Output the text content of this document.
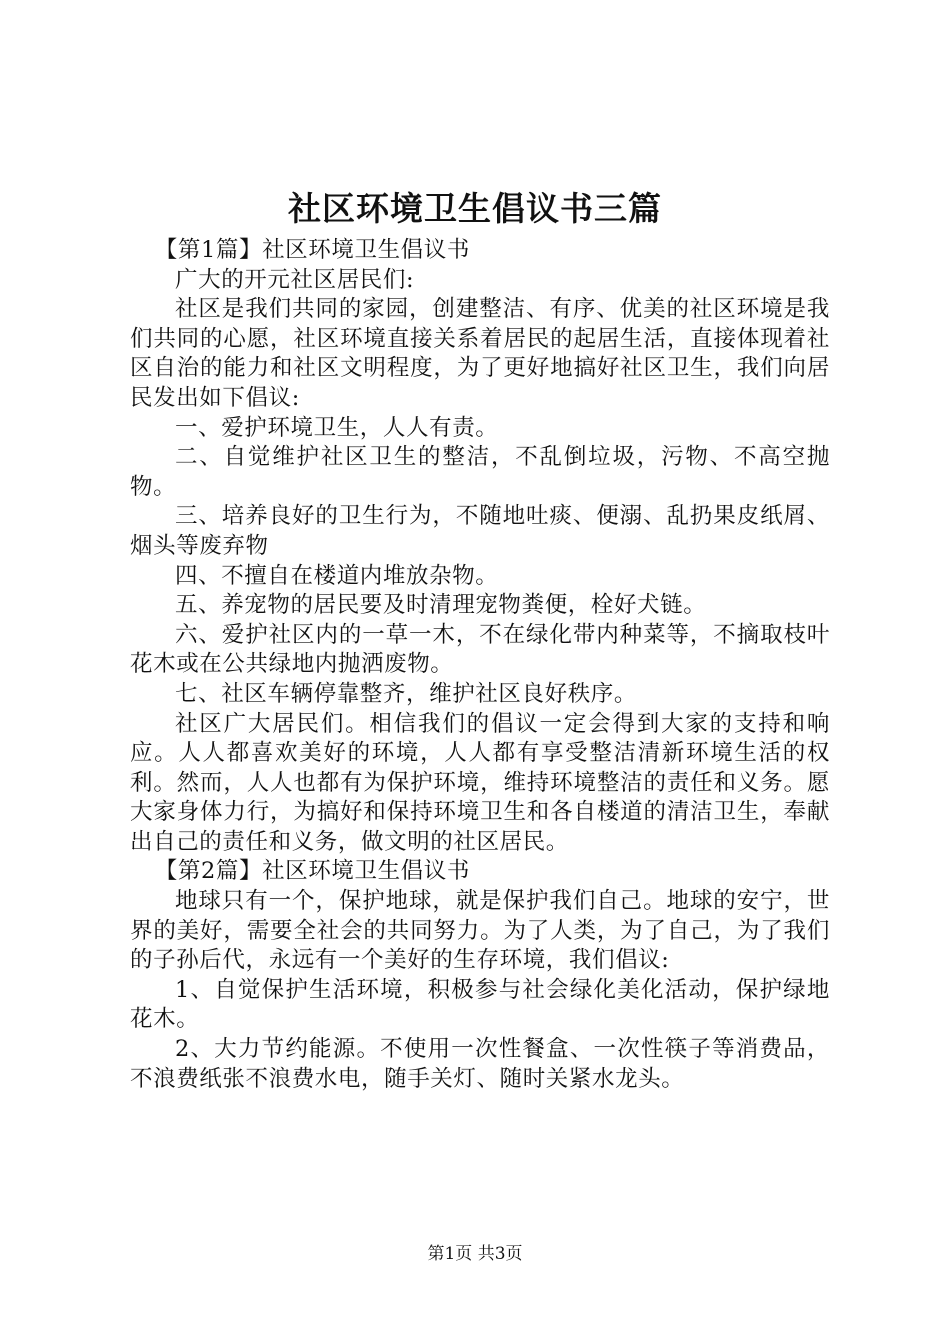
社区环境卫生倡议书三篇

【第1篇】社区环境卫生倡议书

广大的开元社区居民们:

社区是我们共同的家园，创建整洁、有序、优美的社区环境是我们共同的心愿，社区环境直接关系着居民的起居生活，直接体现着社区自治的能力和社区文明程度，为了更好地搞好社区卫生，我们向居民发出如下倡议:

一、爱护环境卫生，人人有责。

二、自觉维护社区卫生的整洁，不乱倒垃圾，污物、不高空抛物。

三、培养良好的卫生行为，不随地吐痰、便溺、乱扔果皮纸屑、烟头等废弃物

四、不擅自在楼道内堆放杂物。

五、养宠物的居民要及时清理宠物粪便，栓好犬链。

六、爱护社区内的一草一木，不在绿化带内种菜等，不摘取枝叶花木或在公共绿地内抛洒废物。

七、社区车辆停靠整齐，维护社区良好秩序。

社区广大居民们。相信我们的倡议一定会得到大家的支持和响应。人人都喜欢美好的环境，人人都有享受整洁清新环境生活的权利。然而，人人也都有为保护环境，维持环境整洁的责任和义务。愿大家身体力行，为搞好和保持环境卫生和各自楼道的清洁卫生，奉献出自己的责任和义务，做文明的社区居民。

【第2篇】社区环境卫生倡议书

地球只有一个，保护地球，就是保护我们自己。地球的安宁，世界的美好，需要全社会的共同努力。为了人类，为了自己，为了我们的子孙后代，永远有一个美好的生存环境，我们倡议:

1、自觉保护生活环境，积极参与社会绿化美化活动，保护绿地花木。

2、大力节约能源。不使用一次性餐盒、一次性筷子等消费品，不浪费纸张不浪费水电，随手关灯、随时关紧水龙头。

第1页 共3页
